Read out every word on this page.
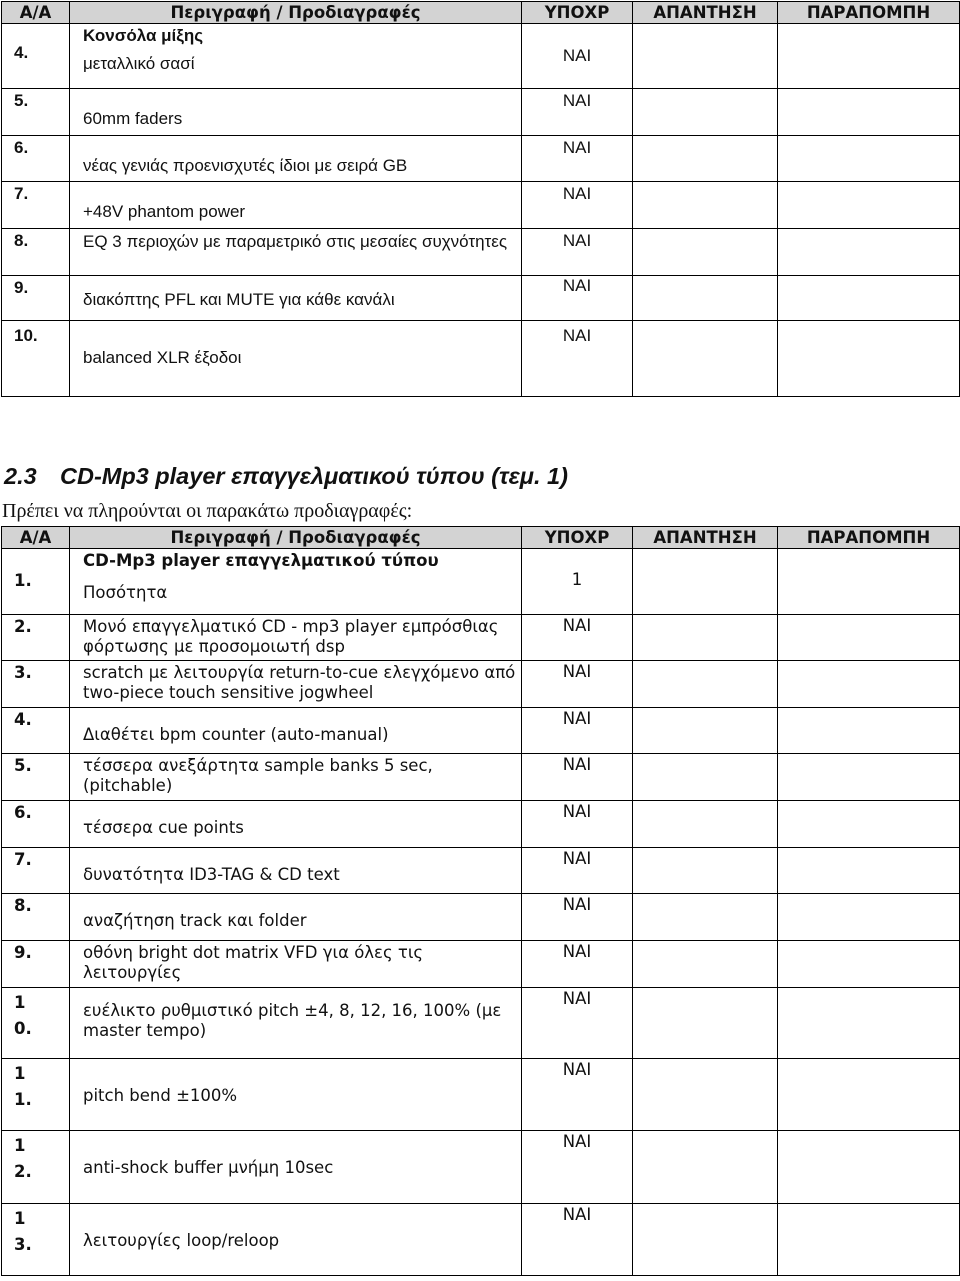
Α/Α	Περιγραφή / Προδιαγραφές	ΥΠΟΧΡ	ΑΠΑΝΤΗΣΗ	ΠΑΡΑΠΟΜΠΗ

4.	Κονσόλα μίξης
μεταλλικό σασί	ΝΑΙ		

5.	60mm faders	ΝΑΙ		

6.	νέας γενιάς προενισχυτές ίδιοι με σειρά GB	ΝΑΙ		

7.	+48V phantom power	ΝΑΙ		

8.	EQ 3 περιοχών με παραμετρικό στις μεσαίες συχνότητες	ΝΑΙ		

9.	διακόπτης PFL και MUTE για κάθε κανάλι	ΝΑΙ		

10.	balanced XLR έξοδοι	ΝΑΙ		

2.3 CD-Mp3 player επαγγελματικού τύπου (τεμ. 1)
Πρέπει να πληρούνται οι παρακάτω προδιαγραφές:
Α/Α	Περιγραφή / Προδιαγραφές	ΥΠΟΧΡ	ΑΠΑΝΤΗΣΗ	ΠΑΡΑΠΟΜΠΗ

1.	CD-Mp3 player επαγγελματικού τύπου
Ποσότητα	1		

2.	Μονό επαγγελματικό CD - mp3 player εμπρόσθιας φόρτωσης με προσομοιωτή dsp	ΝΑΙ		

3.	scratch με λειτουργία return-to-cue ελεγχόμενο από two-piece touch sensitive jogwheel	ΝΑΙ		

4.	Διαθέτει bpm counter (auto-manual)	ΝΑΙ		

5.	τέσσερα ανεξάρτητα sample banks 5 sec, (pitchable)	ΝΑΙ		

6.	τέσσερα cue points	ΝΑΙ		

7.	δυνατότητα ID3-TAG & CD text	ΝΑΙ		

8.	αναζήτηση track και folder	ΝΑΙ		

9.	οθόνη bright dot matrix VFD για όλες τις λειτουργίες	ΝΑΙ		

10.	ευέλικτο ρυθμιστικό pitch ±4, 8, 12, 16, 100% (με master tempo)	ΝΑΙ		

11.	pitch bend ±100%	ΝΑΙ		

12.	anti-shock buffer μνήμη 10sec	ΝΑΙ		

13.	λειτουργίες loop/reloop	ΝΑΙ		
